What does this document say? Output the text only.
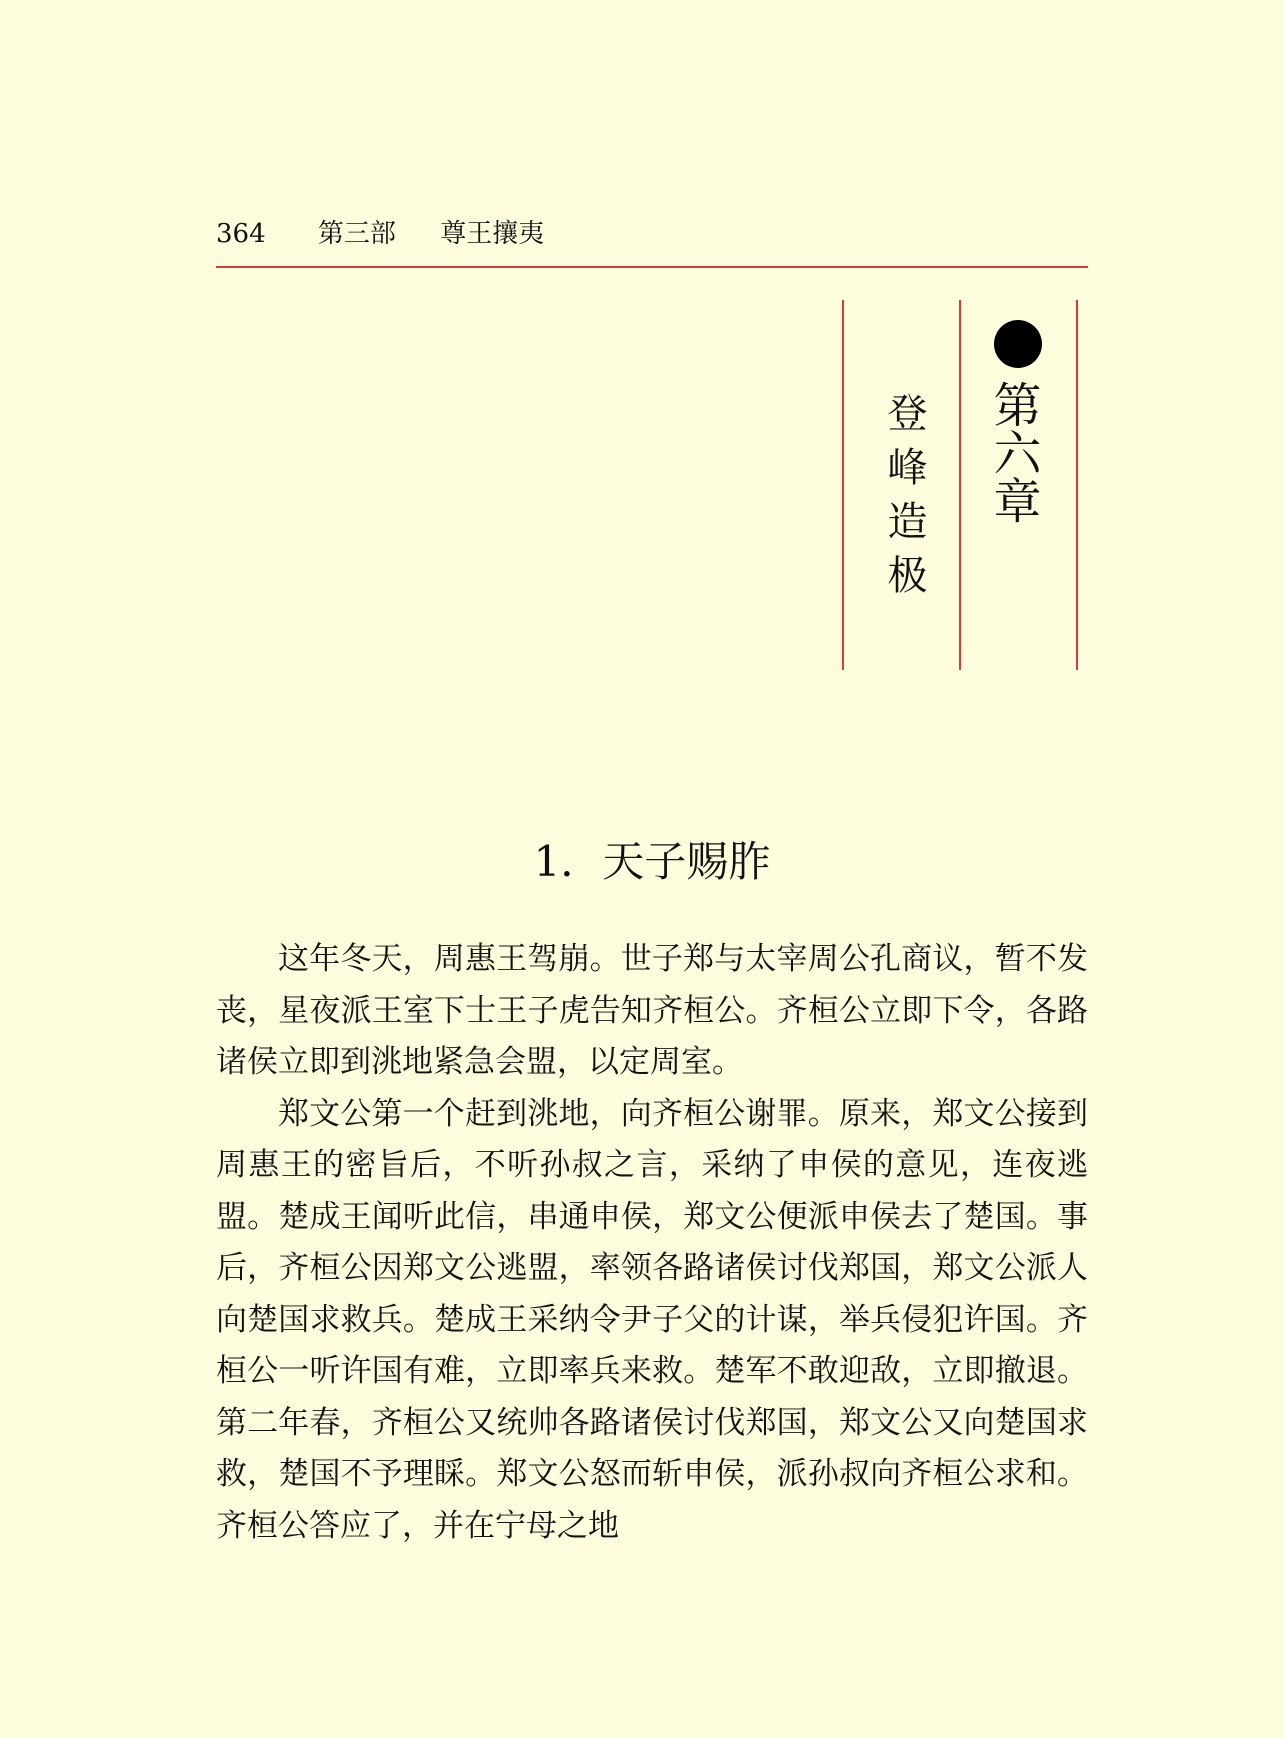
364 第三部 尊王攘夷
第六章
登峰造极
1．天子赐胙

这年冬天，周惠王驾崩。世子郑与太宰周公孔商议，暂不发丧，星夜派王室下士王子虎告知齐桓公。齐桓公立即下令，各路诸侯立即到洮地紧急会盟，以定周室。

郑文公第一个赶到洮地，向齐桓公谢罪。原来，郑文公接到周惠王的密旨后，不听孙叔之言，采纳了申侯的意见，连夜逃盟。楚成王闻听此信，串通申侯，郑文公便派申侯去了楚国。事后，齐桓公因郑文公逃盟，率领各路诸侯讨伐郑国，郑文公派人向楚国求救兵。楚成王采纳令尹子父的计谋，举兵侵犯许国。齐桓公一听许国有难，立即率兵来救。楚军不敢迎敌，立即撤退。第二年春，齐桓公又统帅各路诸侯讨伐郑国，郑文公又向楚国求救，楚国不予理睬。郑文公怒而斩申侯，派孙叔向齐桓公求和。齐桓公答应了，并在宁母之地
